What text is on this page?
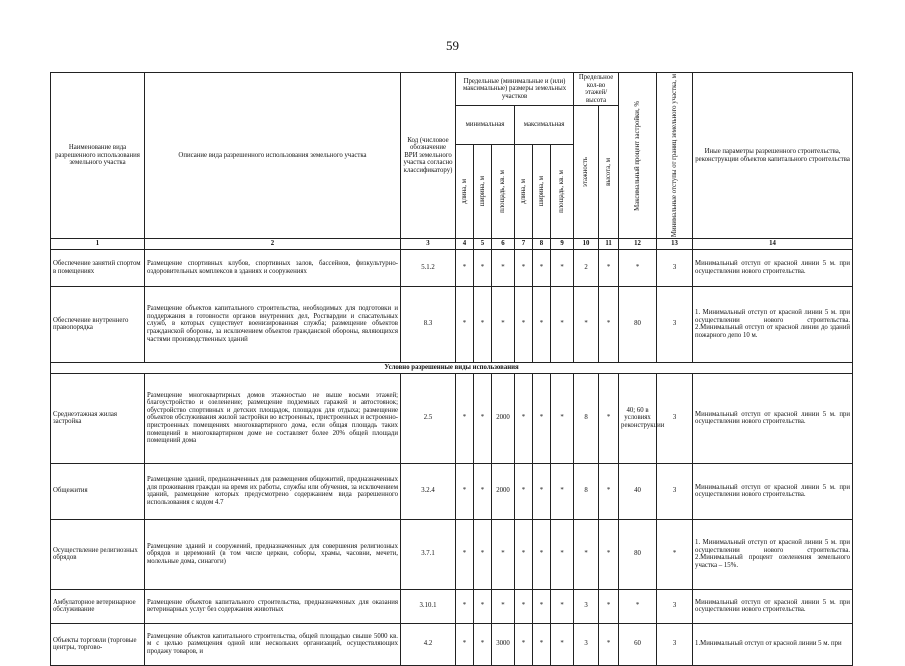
59
Наименование вида разрешенного использования земельного участка	Описание вида разрешенного использования земельного участка	Код (числовое обозначение ВРИ земельного участка согласно классификатору)	Предельные (минимальные и (или) максимальные) размеры земельных участков						Предельное кол-во этажей/высота		Максимальный процент застройки, %	Минимальные отступы от границ земельного участка, м	Иные параметры разрешенного строительства, реконструкции объектов капитального строительства
			минимальная			максимальная			этажность	высота, м			

			длина, м	ширина, м	площадь, кв. м	длина, м	ширина, м	площадь, кв. м					

1	2	3	4	5	6	7	8	9	10	11	12	13	14
Обеспечение занятий спортом в помещениях	Размещение спортивных клубов, спортивных залов, бассейнов, физкультурно-оздоровительных комплексов в зданиях и сооружениях	5.1.2	*	*	*	*	*	*	2	*	*	3	Минимальный отступ от красной линии 5 м. при осуществлении нового строительства.
Обеспечение внутреннего правопорядка	Размещение объектов капитального строительства, необходимых для подготовки и поддержания в готовности органов внутренних дел, Росгвардии и спасательных служб, в которых существует военизированная служба; размещение объектов гражданской обороны, за исключением объектов гражданской обороны, являющихся частями производственных зданий	8.3	*	*	*	*	*	*	*	*	80	3	1. Минимальный отступ от красной линии 5 м. при осуществлении нового строительства. 2.Минимальный отступ от красной линии до зданий пожарного депо 10 м.
Условно разрешенные виды использования													
Среднеэтажная жилая застройка	Размещение многоквартирных домов этажностью не выше восьми этажей; благоустройство и озеленение; размещение подземных гаражей и автостоянок; обустройство спортивных и детских площадок, площадок для отдыха; размещение объектов обслуживания жилой застройки во встроенных, пристроенных и встроенно-пристроенных помещениях многоквартирного дома, если общая площадь таких помещений в многоквартирном доме не составляет более 20% общей площади помещений дома	2.5	*	*	2000	*	*	*	8	*	40; 60 в условиях реконструкции	3	Минимальный отступ от красной линии 5 м. при осуществлении нового строительства.
Общежития	Размещение зданий, предназначенных для размещения общежитий, предназначенных для проживания граждан на время их работы, службы или обучения, за исключением зданий, размещение которых предусмотрено содержанием вида разрешенного использования с кодом 4.7	3.2.4	*	*	2000	*	*	*	8	*	40	3	Минимальный отступ от красной линии 5 м. при осуществлении нового строительства.
Осуществление религиозных обрядов	Размещение зданий и сооружений, предназначенных для совершения религиозных обрядов и церемоний (в том числе церкви, соборы, храмы, часовни, мечети, молельные дома, синагоги)	3.7.1	*	*	*	*	*	*	*	*	80	*	1. Минимальный отступ от красной линии 5 м. при осуществлении нового строительства. 2.Минимальный процент озеленения земельного участка – 15%.
Амбулаторное ветеринарное обслуживание	Размещение объектов капитального строительства, предназначенных для оказания ветеринарных услуг без содержания животных	3.10.1	*	*	*	*	*	*	3	*	*	3	Минимальный отступ от красной линии 5 м. при осуществлении нового строительства.
Объекты торговли (торговые центры, торгово-	Размещение объектов капитального строительства, общей площадью свыше 5000 кв. м с целью размещения одной или нескольких организаций, осуществляющих продажу товаров, и	4.2	*	*	3000	*	*	*	3	*	60	3	1.Минимальный отступ от красной линии 5 м. при
